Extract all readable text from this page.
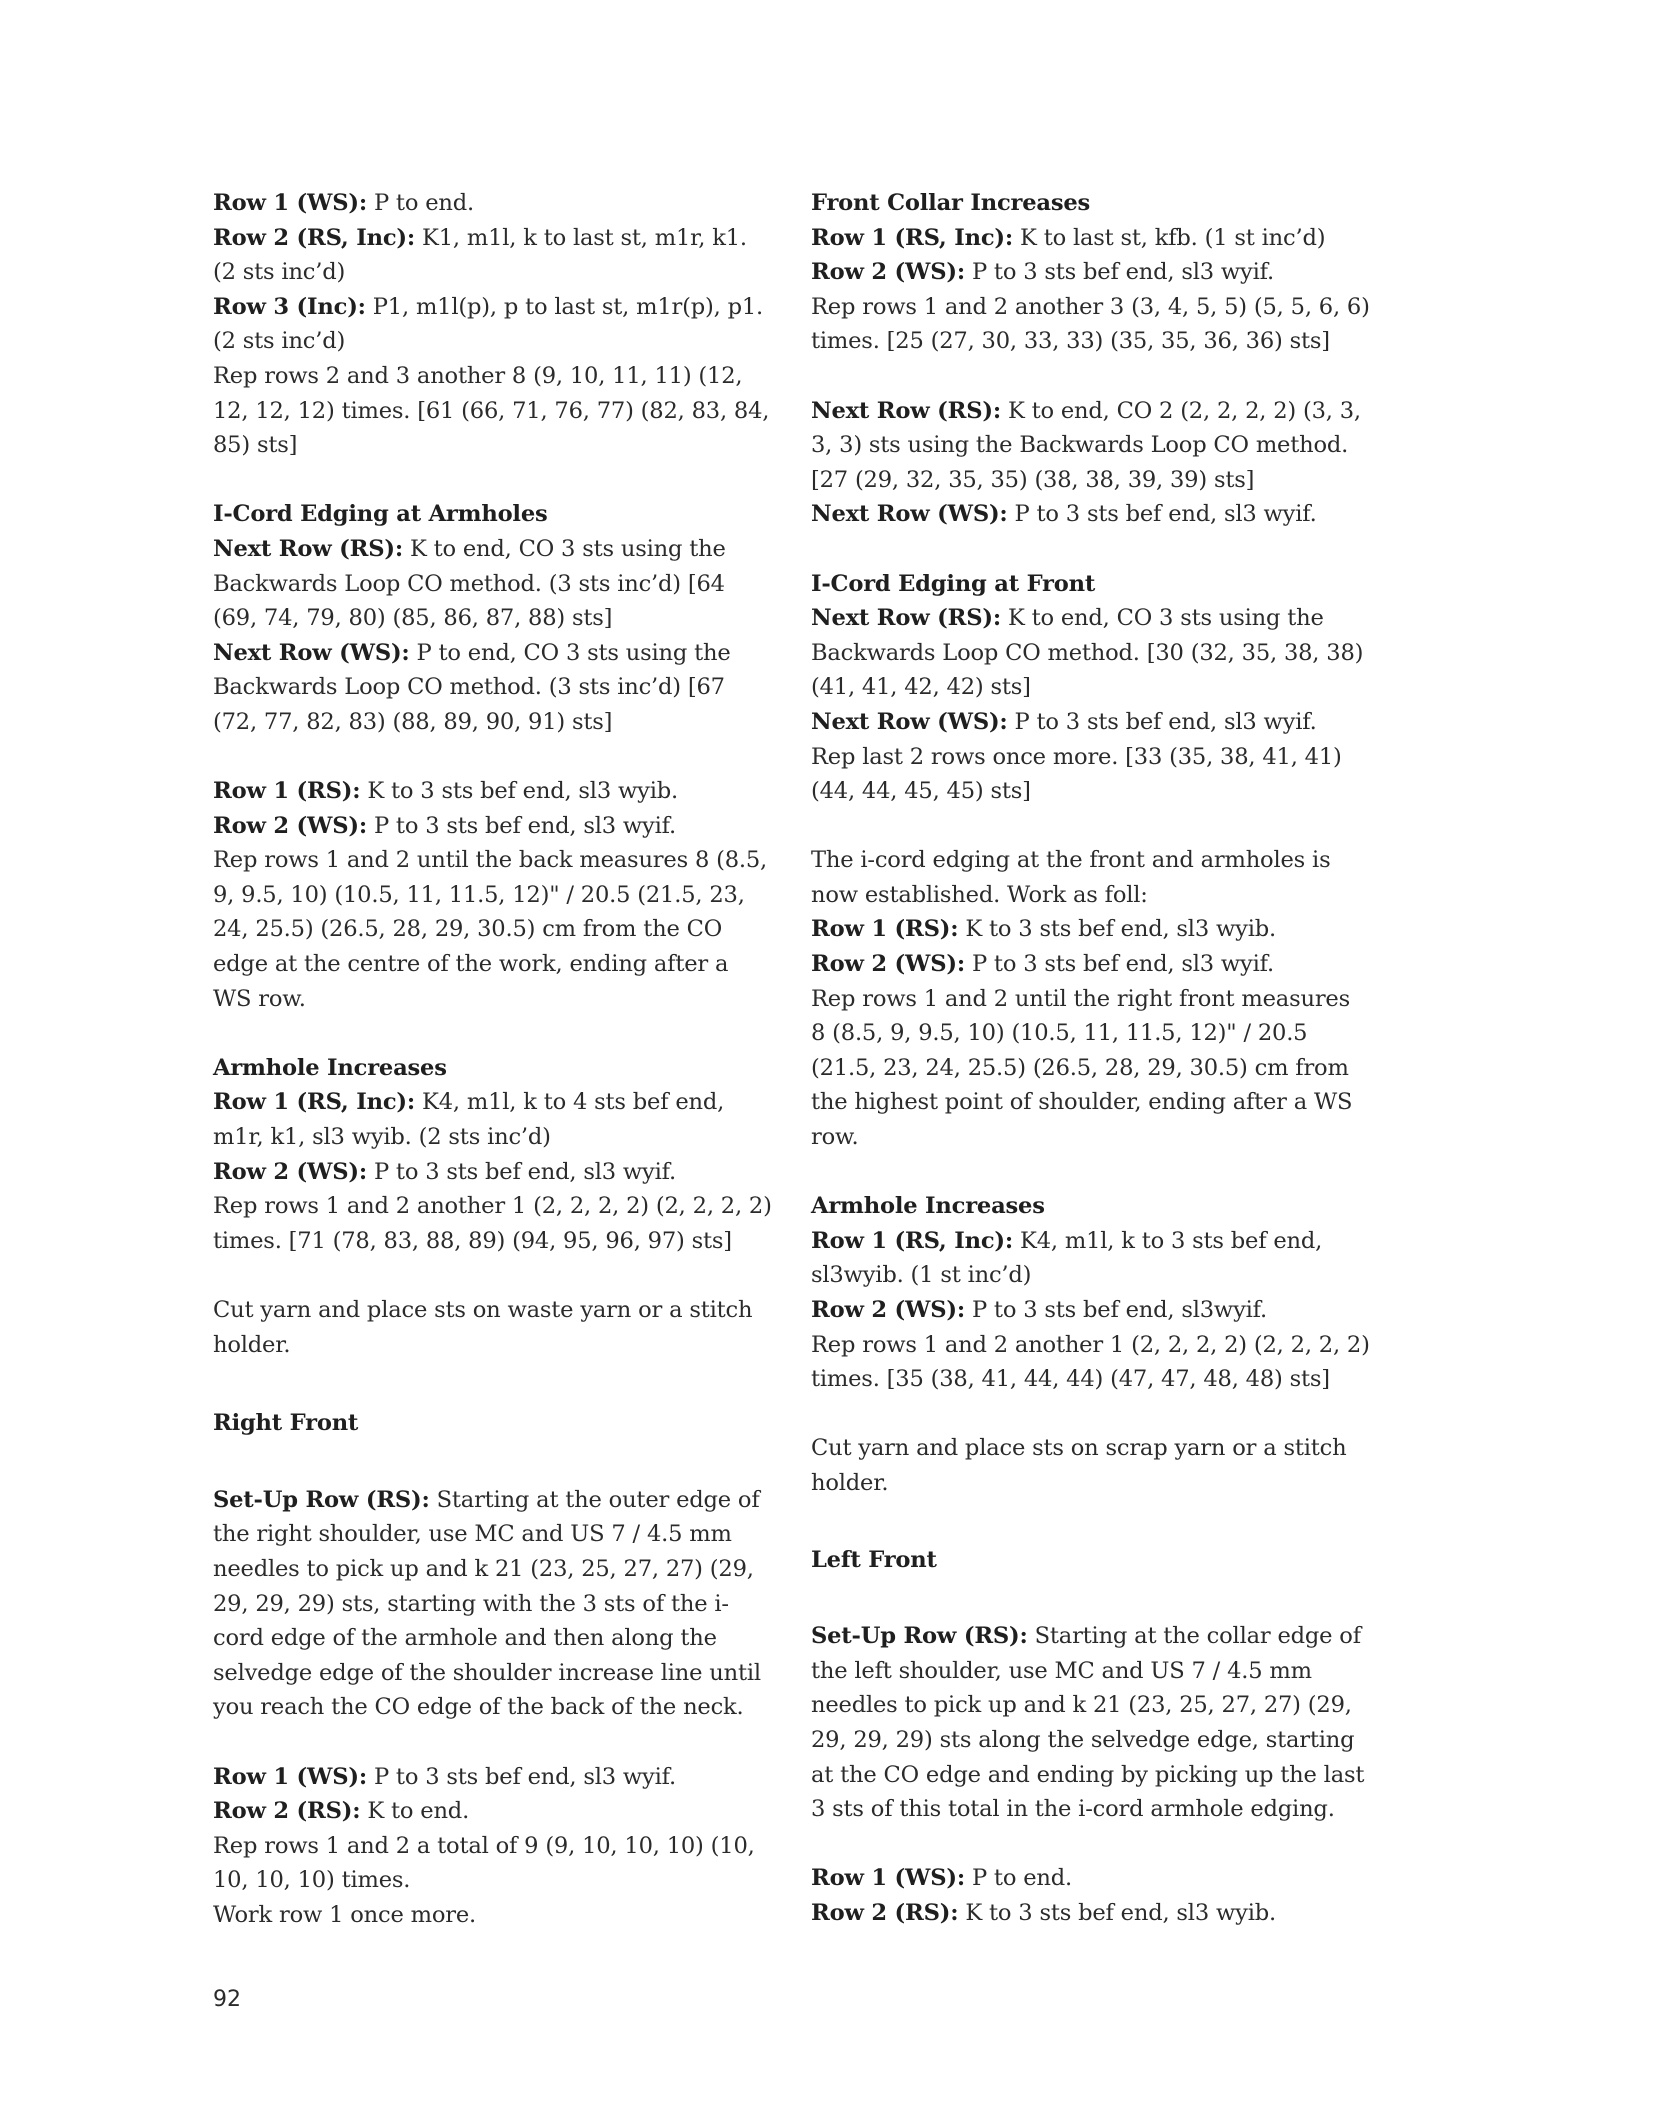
Row 1 (WS): P to end.

Row 2 (RS, Inc): K1, m1l, k to last st, m1r, k1. (2 sts inc’d)

Row 3 (Inc): P1, m1l(p), p to last st, m1r(p), p1. (2 sts inc’d)

Rep rows 2 and 3 another 8 (9, 10, 11, 11) (12, 12, 12, 12) times. [61 (66, 71, 76, 77) (82, 83, 84, 85) sts]

I-Cord Edging at Armholes

Next Row (RS): K to end, CO 3 sts using the Backwards Loop CO method. (3 sts inc’d) [64 (69, 74, 79, 80) (85, 86, 87, 88) sts]

Next Row (WS): P to end, CO 3 sts using the Backwards Loop CO method. (3 sts inc’d) [67 (72, 77, 82, 83) (88, 89, 90, 91) sts]

Row 1 (RS): K to 3 sts bef end, sl3 wyib.

Row 2 (WS): P to 3 sts bef end, sl3 wyif.

Rep rows 1 and 2 until the back measures 8 (8.5, 9, 9.5, 10) (10.5, 11, 11.5, 12)" / 20.5 (21.5, 23, 24, 25.5) (26.5, 28, 29, 30.5) cm from the CO edge at the centre of the work, ending after a WS row.

Armhole Increases

Row 1 (RS, Inc): K4, m1l, k to 4 sts bef end, m1r, k1, sl3 wyib. (2 sts inc’d)

Row 2 (WS): P to 3 sts bef end, sl3 wyif.

Rep rows 1 and 2 another 1 (2, 2, 2, 2) (2, 2, 2, 2) times. [71 (78, 83, 88, 89) (94, 95, 96, 97) sts]

Cut yarn and place sts on waste yarn or a stitch holder.

Right Front

Set-Up Row (RS): Starting at the outer edge of the right shoulder, use MC and US 7 / 4.5 mm needles to pick up and k 21 (23, 25, 27, 27) (29, 29, 29, 29) sts, starting with the 3 sts of the i-cord edge of the armhole and then along the selvedge edge of the shoulder increase line until you reach the CO edge of the back of the neck.

Row 1 (WS): P to 3 sts bef end, sl3 wyif.

Row 2 (RS): K to end.

Rep rows 1 and 2 a total of 9 (9, 10, 10, 10) (10, 10, 10, 10) times.

Work row 1 once more.

Front Collar Increases

Row 1 (RS, Inc): K to last st, kfb. (1 st inc’d)

Row 2 (WS): P to 3 sts bef end, sl3 wyif.

Rep rows 1 and 2 another 3 (3, 4, 5, 5) (5, 5, 6, 6) times. [25 (27, 30, 33, 33) (35, 35, 36, 36) sts]

Next Row (RS): K to end, CO 2 (2, 2, 2, 2) (3, 3, 3, 3) sts using the Backwards Loop CO method. [27 (29, 32, 35, 35) (38, 38, 39, 39) sts]

Next Row (WS): P to 3 sts bef end, sl3 wyif.

I-Cord Edging at Front

Next Row (RS): K to end, CO 3 sts using the Backwards Loop CO method. [30 (32, 35, 38, 38) (41, 41, 42, 42) sts]

Next Row (WS): P to 3 sts bef end, sl3 wyif.

Rep last 2 rows once more. [33 (35, 38, 41, 41) (44, 44, 45, 45) sts]

The i-cord edging at the front and armholes is now established. Work as foll:

Row 1 (RS): K to 3 sts bef end, sl3 wyib.

Row 2 (WS): P to 3 sts bef end, sl3 wyif.

Rep rows 1 and 2 until the right front measures 8 (8.5, 9, 9.5, 10) (10.5, 11, 11.5, 12)" / 20.5 (21.5, 23, 24, 25.5) (26.5, 28, 29, 30.5) cm from the highest point of shoulder, ending after a WS row.

Armhole Increases

Row 1 (RS, Inc): K4, m1l, k to 3 sts bef end, sl3wyib. (1 st inc’d)

Row 2 (WS): P to 3 sts bef end, sl3wyif.

Rep rows 1 and 2 another 1 (2, 2, 2, 2) (2, 2, 2, 2) times. [35 (38, 41, 44, 44) (47, 47, 48, 48) sts]

Cut yarn and place sts on scrap yarn or a stitch holder.

Left Front

Set-Up Row (RS): Starting at the collar edge of the left shoulder, use MC and US 7 / 4.5 mm needles to pick up and k 21 (23, 25, 27, 27) (29, 29, 29, 29) sts along the selvedge edge, starting at the CO edge and ending by picking up the last 3 sts of this total in the i-cord armhole edging.

Row 1 (WS): P to end.

Row 2 (RS): K to 3 sts bef end, sl3 wyib.

92
